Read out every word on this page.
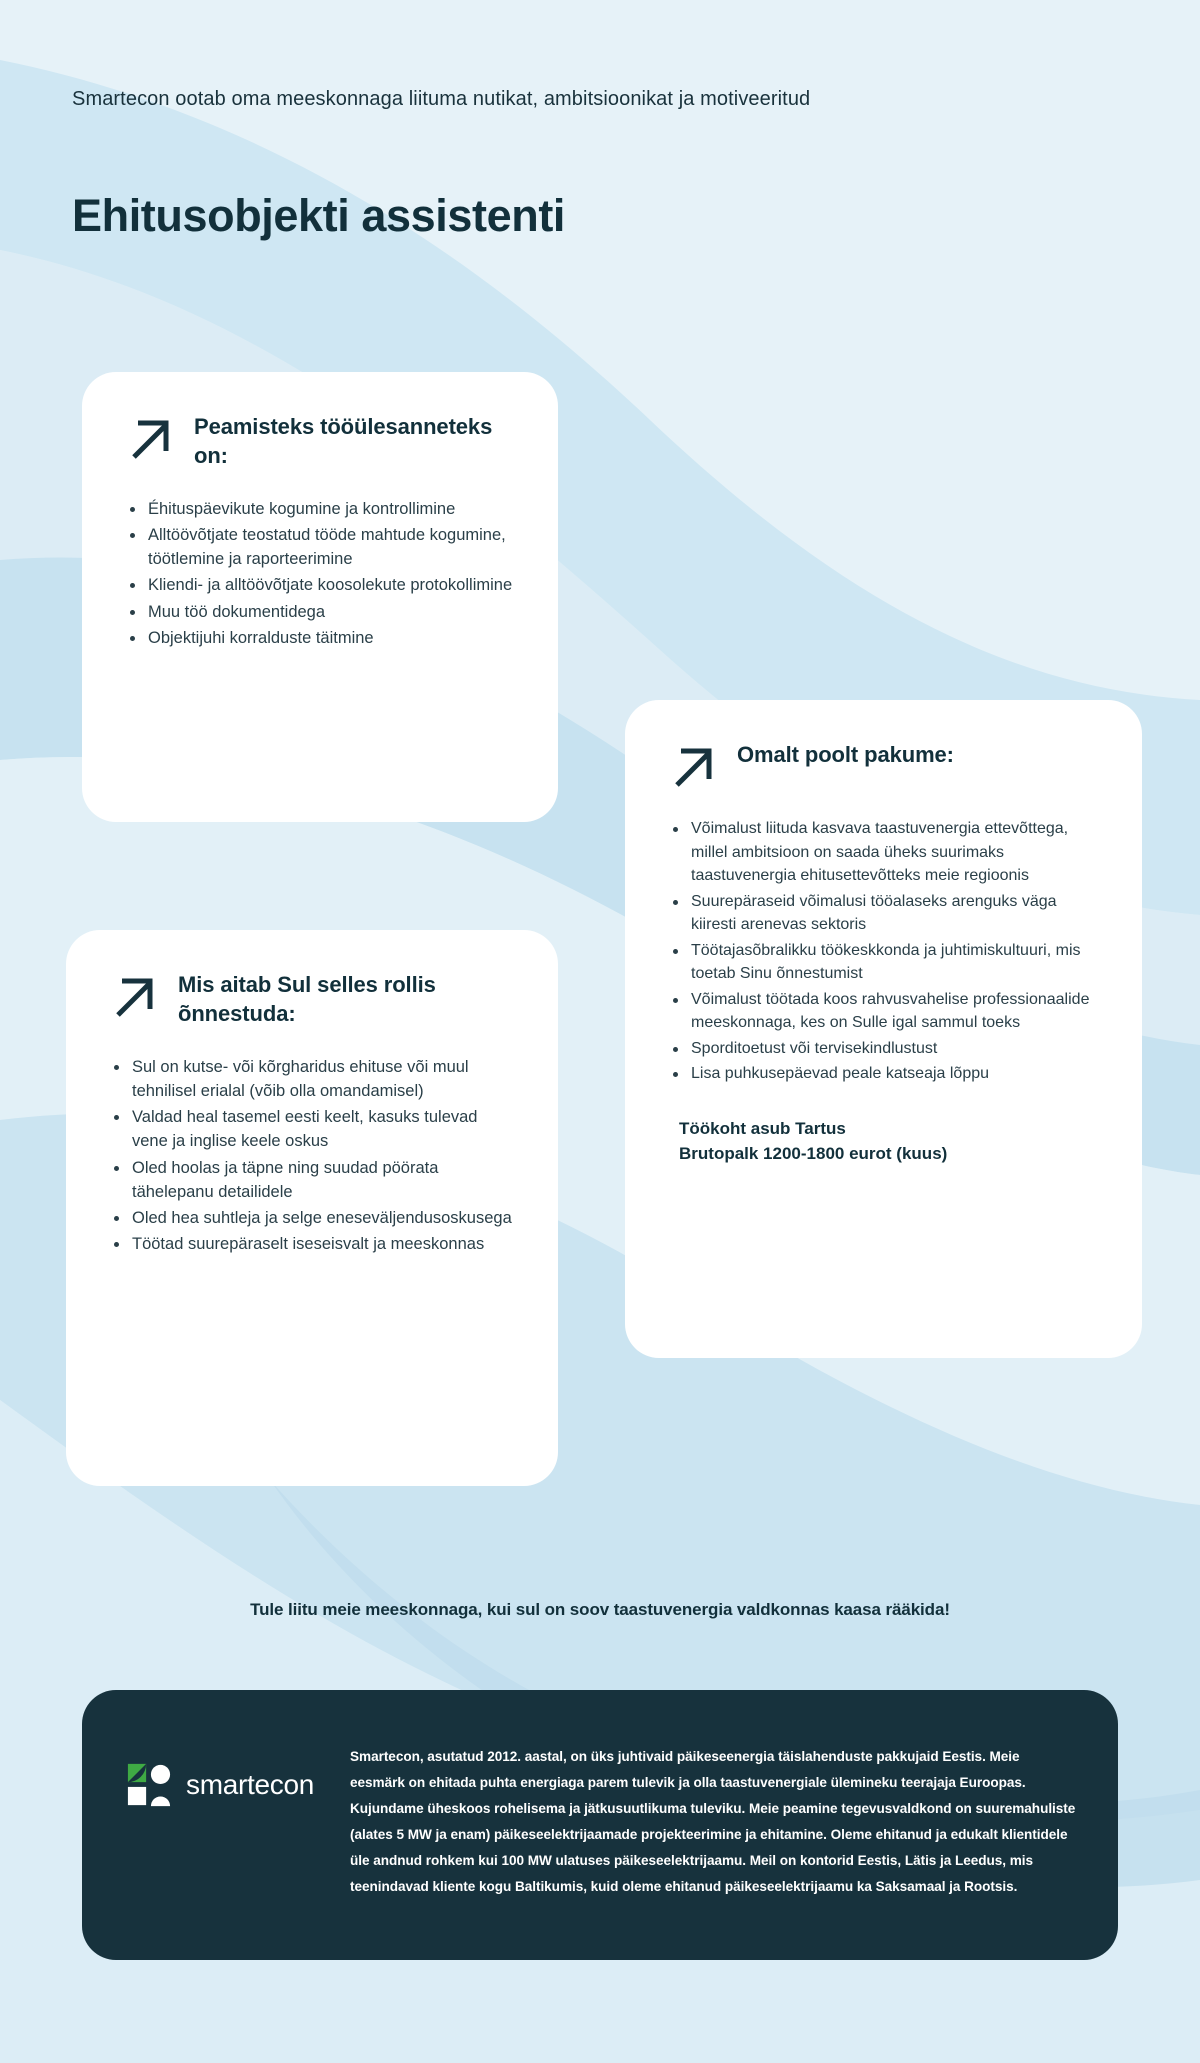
Smartecon ootab oma meeskonnaga liituma nutikat, ambitsioonikat ja motiveeritud
Ehitusobjekti assistenti
Peamisteks tööülesanneteks on:
Éhituspäevikute kogumine ja kontrollimine
Alltöövõtjate teostatud tööde mahtude kogumine, töötlemine ja raporteerimine
Kliendi- ja alltöövõtjate koosolekute protokollimine
Muu töö dokumentidega
Objektijuhi korralduste täitmine
Omalt poolt pakume:
Võimalust liituda kasvava taastuvenergia ettevõttega, millel ambitsioon on saada üheks suurimaks taastuvenergia ehitusettevõtteks meie regioonis
Suurepäraseid võimalusi tööalaseks arenguks väga kiiresti arenevas sektoris
Töötajasõbralikku töökeskkonda ja juhtimiskultuuri, mis toetab Sinu õnnestumist
Võimalust töötada koos rahvusvahelise professionaalide meeskonnaga, kes on Sulle igal sammul toeks
Sporditoetust või tervisekindlustust
Lisa puhkusepäevad peale katseaja lõppu
Töökoht asub Tartus
Brutopalk 1200-1800 eurot (kuus)
Mis aitab Sul selles rollis õnnestuda:
Sul on kutse- või kõrgharidus ehituse või muul tehnilisel erialal (võib olla omandamisel)
Valdad heal tasemel eesti keelt, kasuks tulevad vene ja inglise keele oskus
Oled hoolas ja täpne ning suudad pöörata tähelepanu detailidele
Oled hea suhtleja ja selge eneseväljendusoskusega
Töötad suurepäraselt iseseisvalt ja meeskonnas
Tule liitu meie meeskonnaga, kui sul on soov taastuvenergia valdkonnas kaasa rääkida!
smartecon

Smartecon, asutatud 2012. aastal, on üks juhtivaid päikeseenergia täislahenduste pakkujaid Eestis. Meie eesmärk on ehitada puhta energiaga parem tulevik ja olla taastuvenergiale ülemineku teerajaja Euroopas. Kujundame üheskoos rohelisema ja jätkusuutlikuma tuleviku. Meie peamine tegevusvaldkond on suuremahuliste (alates 5 MW ja enam) päikeseelektrijaamade projekteerimine ja ehitamine. Oleme ehitanud ja edukalt klientidele üle andnud rohkem kui 100 MW ulatuses päikeseelektrijaamu. Meil on kontorid Eestis, Lätis ja Leedus, mis teenindavad kliente kogu Baltikumis, kuid oleme ehitanud päikeseelektrijaamu ka Saksamaal ja Rootsis.
